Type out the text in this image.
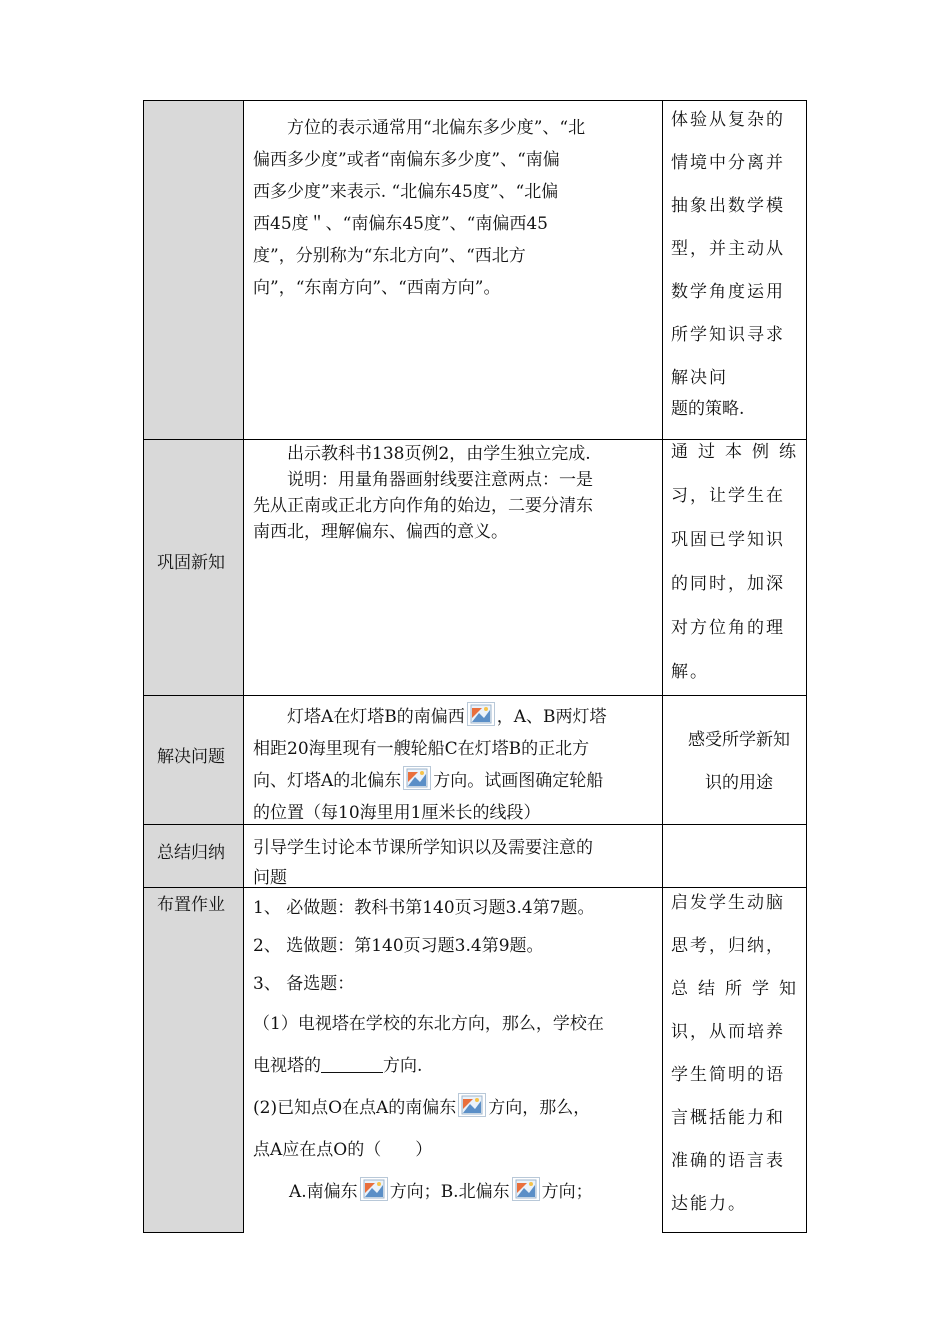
方位的表示通常用“北偏东多少度”、“北

偏西多少度”或者“南偏东多少度”、“南偏

西多少度”来表示. “北偏东45度”、“北偏

西45度＂、“南偏东45度”、“南偏西45

度”，分别称为“东北方向”、“西北方

向”，“东南方向”、“西南方向”。

体验从复杂的

情境中分离并

抽象出数学模

型，并主动从

数学角度运用

所学知识寻求

解决问

题的策略.

巩固新知

出示教科书138页例2，由学生独立完成.

说明：用量角器画射线要注意两点：一是

先从正南或正北方向作角的始边，二要分清东

南西北，理解偏东、偏西的意义。

通过本例练

习，让学生在

巩固已学知识

的同时，加深

对方位角的理

解。

解决问题

灯塔A在灯塔B的南偏西 ，A、B两灯塔

相距20海里现有一艘轮船C在灯塔B的正北方

向、灯塔A的北偏东 方向。试画图确定轮船

的位置（每10海里用1厘米长的线段）

感受所学新知

识的用途

总结归纳 引导学生讨论本节课所学知识以及需要注意的

问题

布置作业 1、 必做题：教科书第140页习题3.4第7题。

2、 选做题：第140页习题3.4第9题。

3、 备选题：

（1）电视塔在学校的东北方向，那么，学校在

电视塔的	方向.

(2)已知点O在点A的南偏东 方向，那么，

点A应在点O的（　　）

A.南偏东 方向；B.北偏东 方向；

启发学生动脑

思考，归纳，

总结所学知

识，从而培养

学生简明的语

言概括能力和

准确的语言表

达能力。
